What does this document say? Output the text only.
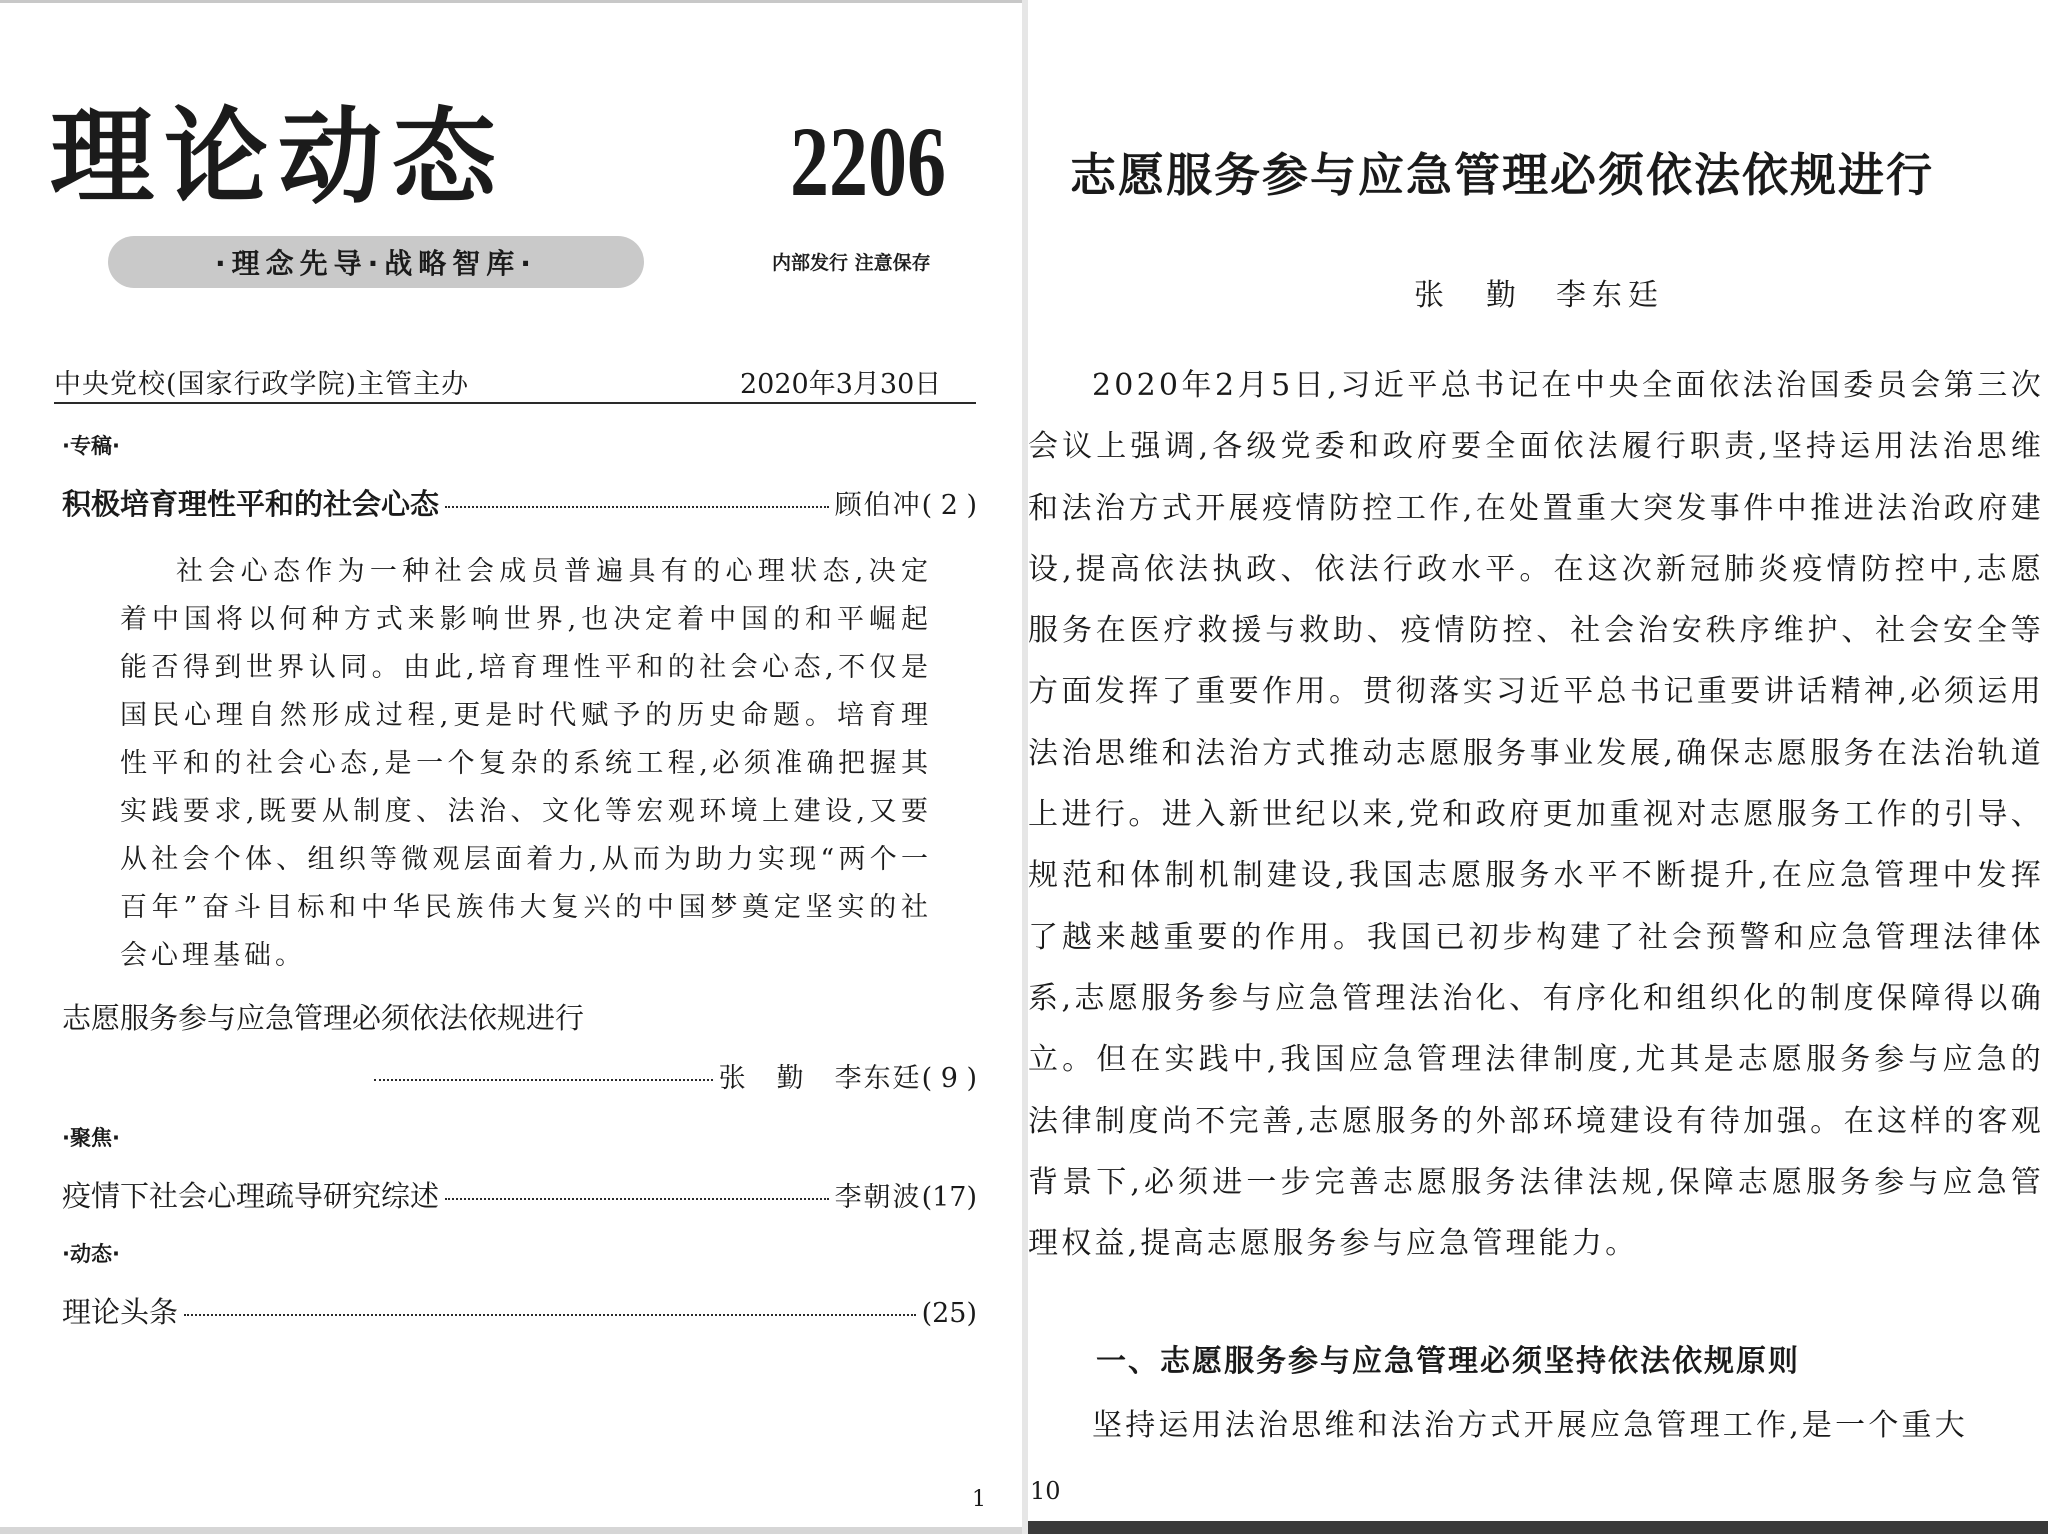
理论动态	2206
·理念先导·战略智库·	内部发行 注意保存
中央党校(国家行政学院)主管主办	2020年3月30日
·专稿·
积极培育理性平和的社会心态	顾伯冲 ( 2 )
社会心态作为一种社会成员普遍具有的心理状态,决定着中国将以何种方式来影响世界,也决定着中国的和平崛起能否得到世界认同。由此,培育理性平和的社会心态,不仅是国民心理自然形成过程,更是时代赋予的历史命题。培育理性平和的社会心态,是一个复杂的系统工程,必须准确把握其实践要求,既要从制度、法治、文化等宏观环境上建设,又要从社会个体、组织等微观层面着力,从而为助力实现“两个一百年”奋斗目标和中华民族伟大复兴的中国梦奠定坚实的社会心理基础。
志愿服务参与应急管理必须依法依规进行
张　勤　李东廷 ( 9 )
·聚焦·
疫情下社会心理疏导研究综述	李朝波 (17)
·动态·
理论头条	(25)
1
志愿服务参与应急管理必须依法依规进行
张　勤 李东廷

2020年2月5日,习近平总书记在中央全面依法治国委员会第三次会议上强调,各级党委和政府要全面依法履行职责,坚持运用法治思维和法治方式开展疫情防控工作,在处置重大突发事件中推进法治政府建设,提高依法执政、依法行政水平。在这次新冠肺炎疫情防控中,志愿服务在医疗救援与救助、疫情防控、社会治安秩序维护、社会安全等方面发挥了重要作用。贯彻落实习近平总书记重要讲话精神,必须运用法治思维和法治方式推动志愿服务事业发展,确保志愿服务在法治轨道上进行。进入新世纪以来,党和政府更加重视对志愿服务工作的引导、规范和体制机制建设,我国志愿服务水平不断提升,在应急管理中发挥了越来越重要的作用。我国已初步构建了社会预警和应急管理法律体系,志愿服务参与应急管理法治化、有序化和组织化的制度保障得以确立。但在实践中,我国应急管理法律制度,尤其是志愿服务参与应急的法律制度尚不完善,志愿服务的外部环境建设有待加强。在这样的客观背景下,必须进一步完善志愿服务法律法规,保障志愿服务参与应急管理权益,提高志愿服务参与应急管理能力。

一、志愿服务参与应急管理必须坚持依法依规原则

坚持运用法治思维和法治方式开展应急管理工作,是一个重大

10
